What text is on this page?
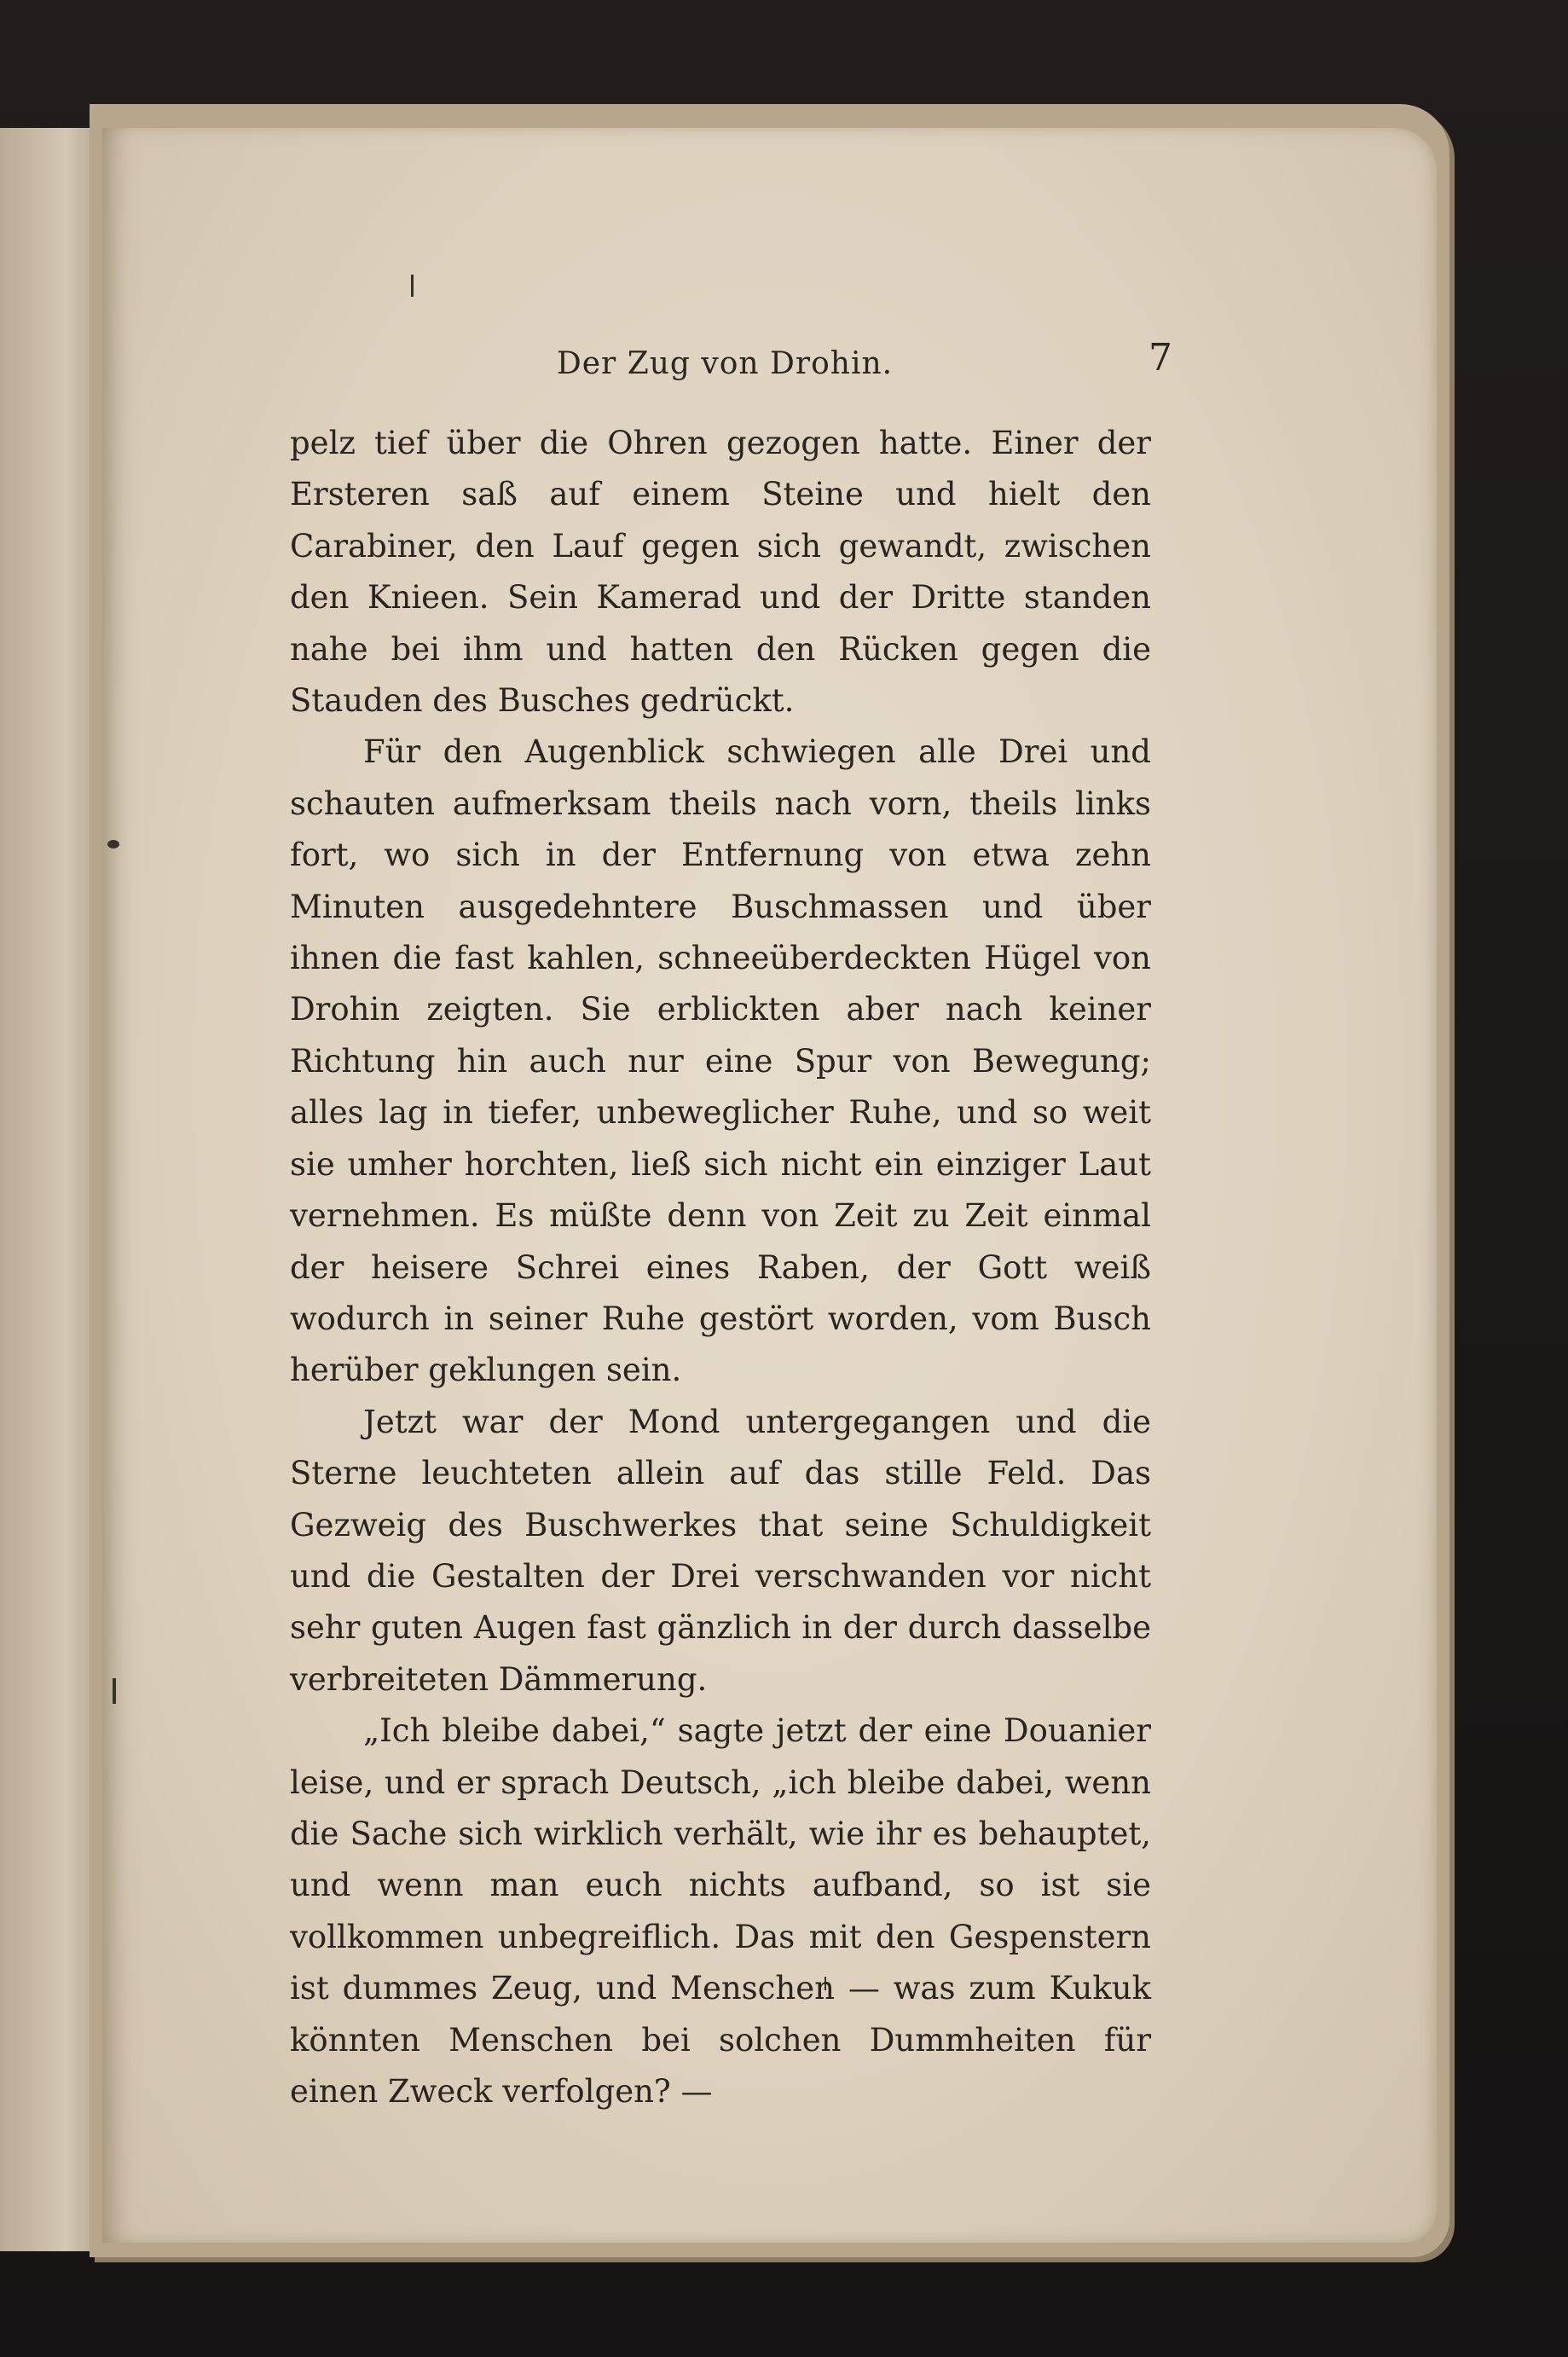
Der Zug von Drohin.	7

pelz tief über die Ohren gezogen hatte. Einer der Ersteren saß auf einem Steine und hielt den Carabiner, den Lauf gegen sich gewandt, zwischen den Knieen. Sein Kamerad und der Dritte standen nahe bei ihm und hatten den Rücken gegen die Stauden des Busches gedrückt.

Für den Augenblick schwiegen alle Drei und schauten aufmerksam theils nach vorn, theils links fort, wo sich in der Entfernung von etwa zehn Minuten ausgedehntere Buschmassen und über ihnen die fast kahlen, schneeüberdeckten Hügel von Drohin zeigten. Sie erblickten aber nach keiner Richtung hin auch nur eine Spur von Bewegung; alles lag in tiefer, unbeweglicher Ruhe, und so weit sie umher horchten, ließ sich nicht ein einziger Laut vernehmen. Es müßte denn von Zeit zu Zeit einmal der heisere Schrei eines Raben, der Gott weiß wodurch in seiner Ruhe gestört worden, vom Busch herüber geklungen sein.

Jetzt war der Mond untergegangen und die Sterne leuchteten allein auf das stille Feld. Das Gezweig des Buschwerkes that seine Schuldigkeit und die Gestalten der Drei verschwanden vor nicht sehr guten Augen fast gänzlich in der durch dasselbe verbreiteten Dämmerung.

„Ich bleibe dabei,“ sagte jetzt der eine Douanier leise, und er sprach Deutsch, „ich bleibe dabei, wenn die Sache sich wirklich verhält, wie ihr es behauptet, und wenn man euch nichts aufband, so ist sie vollkommen unbegreiflich. Das mit den Gespenstern ist dummes Zeug, und Menschen — was zum Kukuk könnten Menschen bei solchen Dummheiten für einen Zweck verfolgen? —
